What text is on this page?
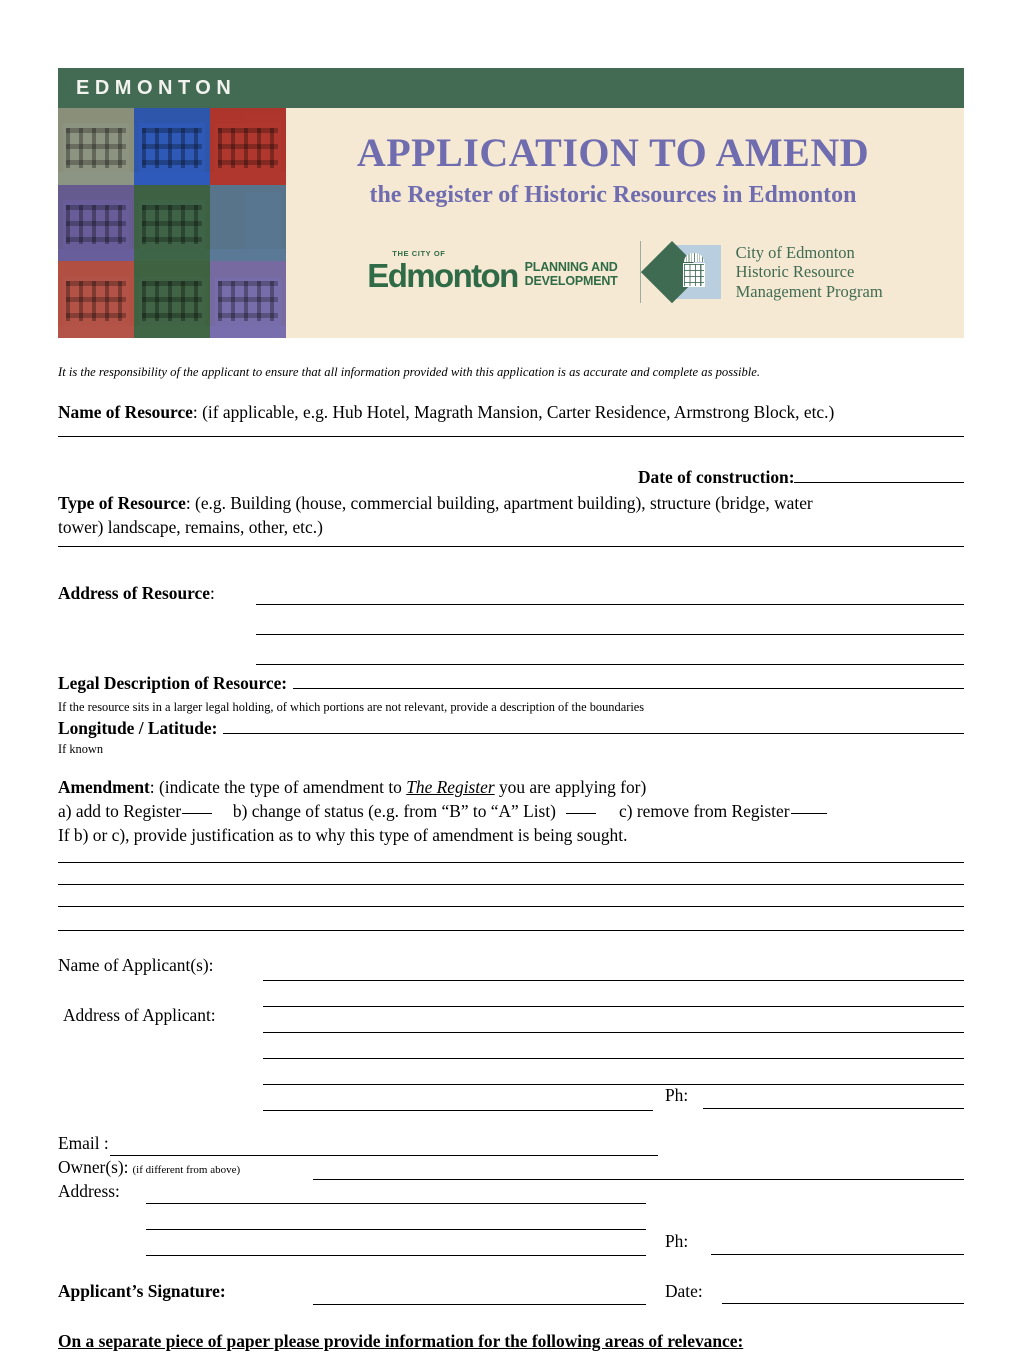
EDMONTON
APPLICATION TO AMEND
the Register of Historic Resources in Edmonton
THE CITY OF
Edmonton PLANNING AND
DEVELOPMENT
City of Edmonton
Historic Resource
Management Program
It is the responsibility of the applicant to ensure that all information provided with this application is as accurate and complete as possible.
Name of Resource: (if applicable, e.g. Hub Hotel, Magrath Mansion, Carter Residence, Armstrong Block, etc.)
Date of construction:
Type of Resource: (e.g. Building (house, commercial building, apartment building), structure (bridge, water
tower) landscape, remains, other, etc.)
Address of Resource:
Legal Description of Resource:
If the resource sits in a larger legal holding, of which portions are not relevant, provide a description of the boundaries
Longitude / Latitude:
If known
Amendment: (indicate the type of amendment to The Register you are applying for)
a) add to Register	b) change of status (e.g. from “B” to “A” List)	c) remove from Register
If b) or c), provide justification as to why this type of amendment is being sought.
Name of Applicant(s):
Address of Applicant:
Ph:
Email :
Owner(s): (if different from above)
Address:
Ph:
Applicant’s Signature:	Date:
On a separate piece of paper please provide information for the following areas of relevance:
